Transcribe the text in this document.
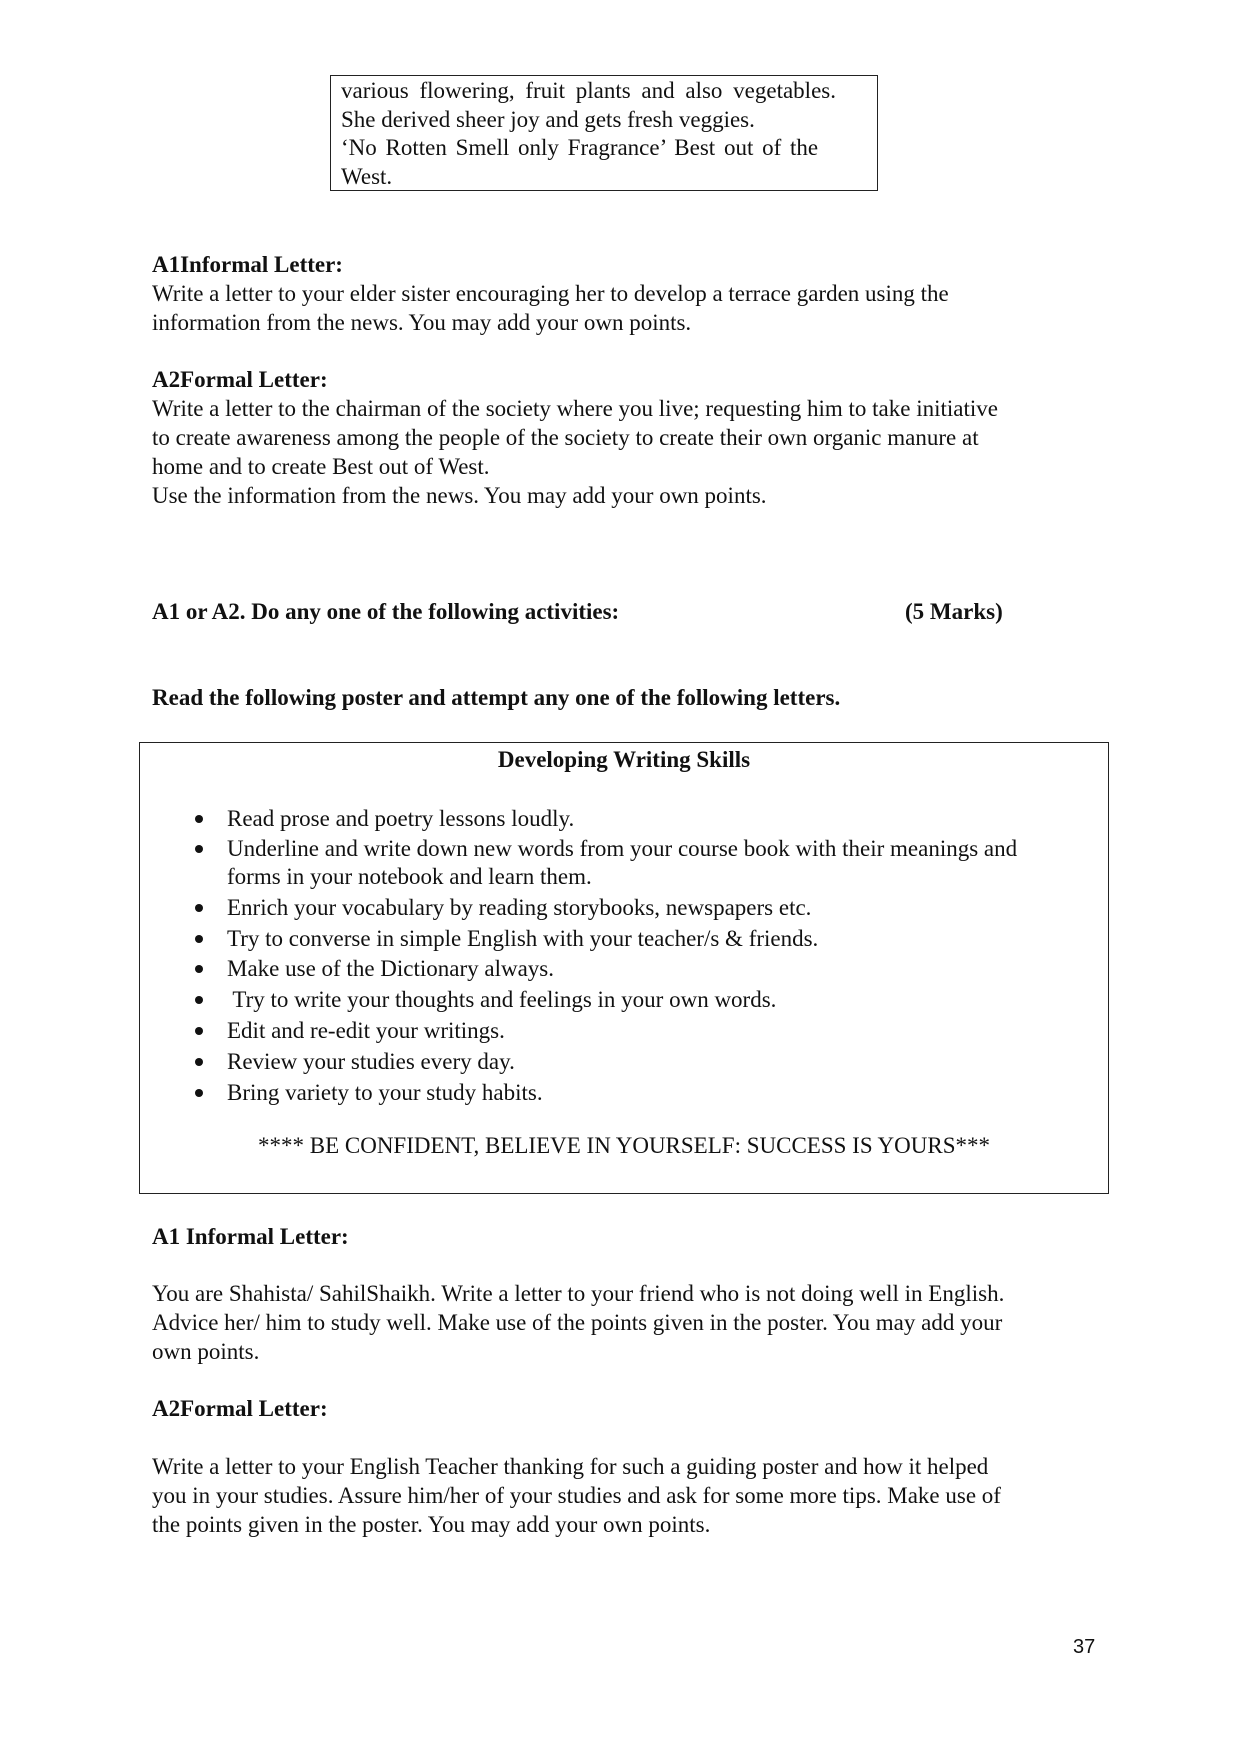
various flowering, fruit plants and also vegetables.
She derived sheer joy and gets fresh veggies.
‘No Rotten Smell only Fragrance’ Best out of the
West.
A1Informal Letter:
Write a letter to your elder sister encouraging her to develop a terrace garden using the
information from the news. You may add your own points.
A2Formal Letter:
Write a letter to the chairman of the society where you live; requesting him to take initiative
to create awareness among the people of the society to create their own organic manure at
home and to create Best out of West.
Use the information from the news. You may add your own points.
A1 or A2. Do any one of the following activities:	(5 Marks)
Read the following poster and attempt any one of the following letters.
Developing Writing Skills
Read prose and poetry lessons loudly.
Underline and write down new words from your course book with their meanings and
forms in your notebook and learn them.
Enrich your vocabulary by reading storybooks, newspapers etc.
Try to converse in simple English with your teacher/s & friends.
Make use of the Dictionary always.
Try to write your thoughts and feelings in your own words.
Edit and re-edit your writings.
Review your studies every day.
Bring variety to your study habits.
**** BE CONFIDENT, BELIEVE IN YOURSELF: SUCCESS IS YOURS***
A1 Informal Letter:
You are Shahista/ SahilShaikh. Write a letter to your friend who is not doing well in English.
Advice her/ him to study well. Make use of the points given in the poster. You may add your
own points.
A2Formal Letter:
Write a letter to your English Teacher thanking for such a guiding poster and how it helped
you in your studies. Assure him/her of your studies and ask for some more tips. Make use of
the points given in the poster. You may add your own points.
37
